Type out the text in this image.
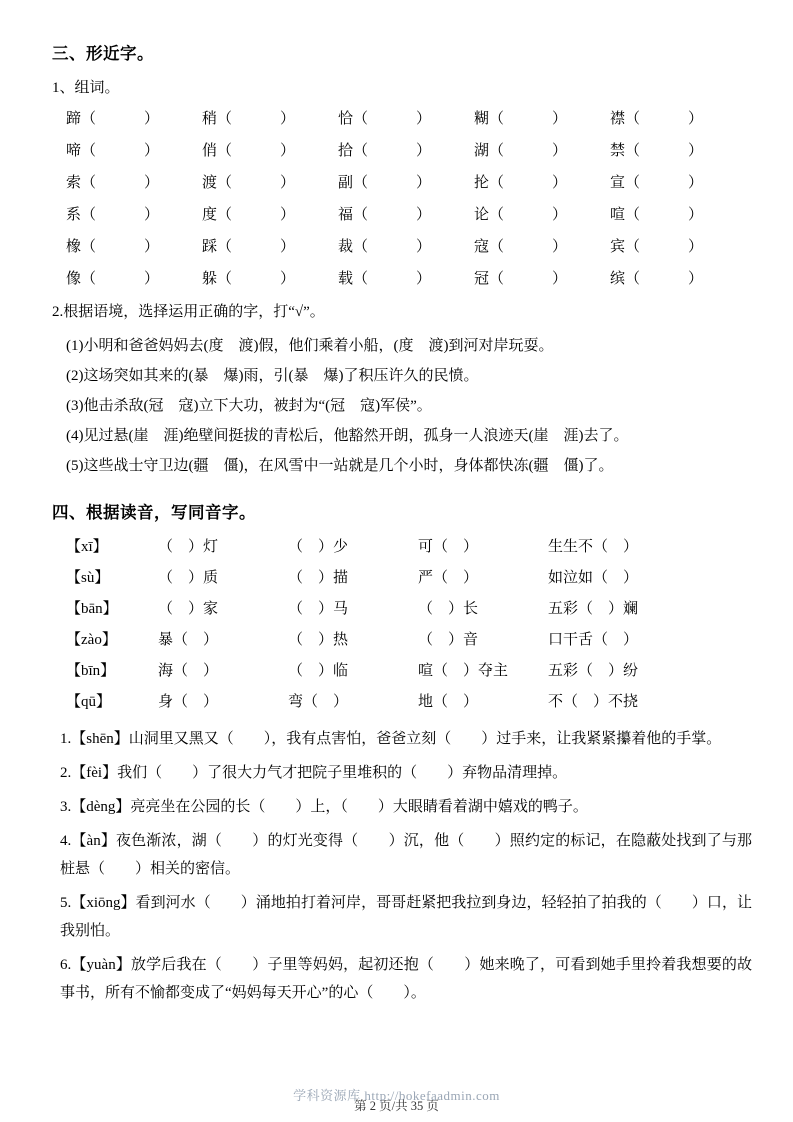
三、形近字。
1、组词。
蹄（	）	稍（	）	恰（	）	糊（	）	襟（	）
啼（	）	俏（	）	拾（	）	湖（	）	禁（	）
索（	）	渡（	）	副（	）	抡（	）	宣（	）
系（	）	度（	）	福（	）	论（	）	喧（	）
橡（	）	踩（	）	裁（	）	寇（	）	宾（	）
像（	）	躲（	）	载（	）	冠（	）	缤（	）
2.根据语境，选择运用正确的字，打“√”。
(1)小明和爸爸妈妈去(度　渡)假，他们乘着小船，(度　渡)到河对岸玩耍。
(2)这场突如其来的(暴　爆)雨，引(暴　爆)了积压许久的民愤。
(3)他击杀敌(冠　寇)立下大功，被封为“(冠　寇)军侯”。
(4)见过悬(崖　涯)绝壁间挺拔的青松后，他豁然开朗，孤身一人浪迹天(崖　涯)去了。
(5)这些战士守卫边(疆　僵)，在风雪中一站就是几个小时，身体都快冻(疆　僵)了。
四、根据读音，写同音字。
【xī】	（　）灯	（　）少	可（　）	生生不（　）
【sù】	（　）质	（　）描	严（　）	如泣如（　）
【bān】	（　）家	（　）马	（　）长	五彩（　）斓
【zào】	暴（　）	（　）热	（　）音	口干舌（　）
【bīn】	海（　）	（　）临	喧（　）夺主	五彩（　）纷
【qū】	身（　）	弯（　）	地（　）	不（　）不挠
1.【shēn】山洞里又黑又（　　），我有点害怕，爸爸立刻（　　）过手来，让我紧紧攥着他的手掌。
2.【fèi】我们（　　）了很大力气才把院子里堆积的（　　）弃物品清理掉。
3.【dèng】亮亮坐在公园的长（　　）上，（　　）大眼睛看着湖中嬉戏的鸭子。
4.【àn】夜色渐浓，湖（　　）的灯光变得（　　）沉，他（　　）照约定的标记，在隐蔽处找到了与那桩悬（　　）相关的密信。
5.【xiōng】看到河水（　　）涌地拍打着河岸，哥哥赶紧把我拉到身边，轻轻拍了拍我的（　　）口，让我别怕。
6.【yuàn】放学后我在（　　）子里等妈妈，起初还抱（　　）她来晚了，可看到她手里拎着我想要的故事书，所有不愉都变成了“妈妈每天开心”的心（　　）。
学科资源库 http://bokefaadmin.com
第 2 页/共 35 页
